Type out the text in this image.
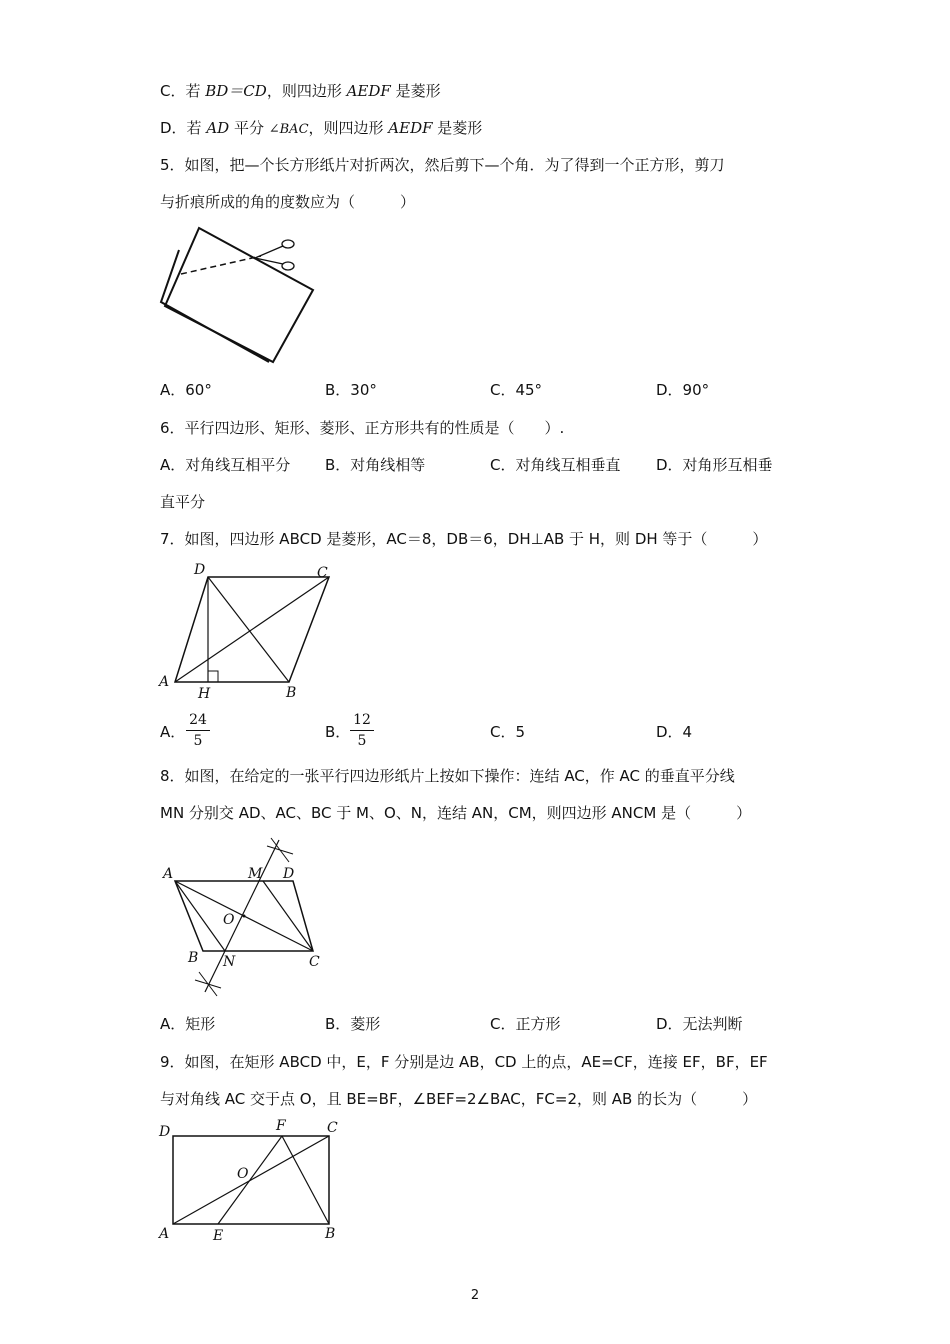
C．若 BD＝CD，则四边形 AEDF 是菱形
D．若 AD 平分 ∠BAC，则四边形 AEDF 是菱形
5．如图，把—个长方形纸片对折两次，然后剪下—个角．为了得到一个正方形，剪刀
与折痕所成的角的度数应为（　　　）
A．60°	B．30°	C．45°	D．90°
6．平行四边形、矩形、菱形、正方形共有的性质是（　　）.
A．对角线互相平分 B．对角线相等	C．对角线互相垂直 D．对角形互相垂
直平分
7．如图，四边形 ABCD 是菱形，AC＝8，DB＝6，DH⊥AB 于 H，则 DH 等于（　　　）
A
B
C
D
H
A．
24
5	B．
12
5	C．5	D．4
8．如图，在给定的一张平行四边形纸片上按如下操作：连结 AC，作 AC 的垂直平分线
MN 分别交 AD、AC、BC 于 M、O、N，连结 AN，CM，则四边形 ANCM 是（　　　）
A	M D
O
B N	C
A．矩形	B．菱形	C．正方形	D．无法判断
9．如图，在矩形 ABCD 中，E，F 分别是边 AB，CD 上的点，AE=CF，连接 EF，BF，EF
与对角线 AC 交于点 O，且 BE=BF，∠BEF=2∠BAC，FC=2，则 AB 的长为（　　　）
D	F	C
O
A	E	B
2
